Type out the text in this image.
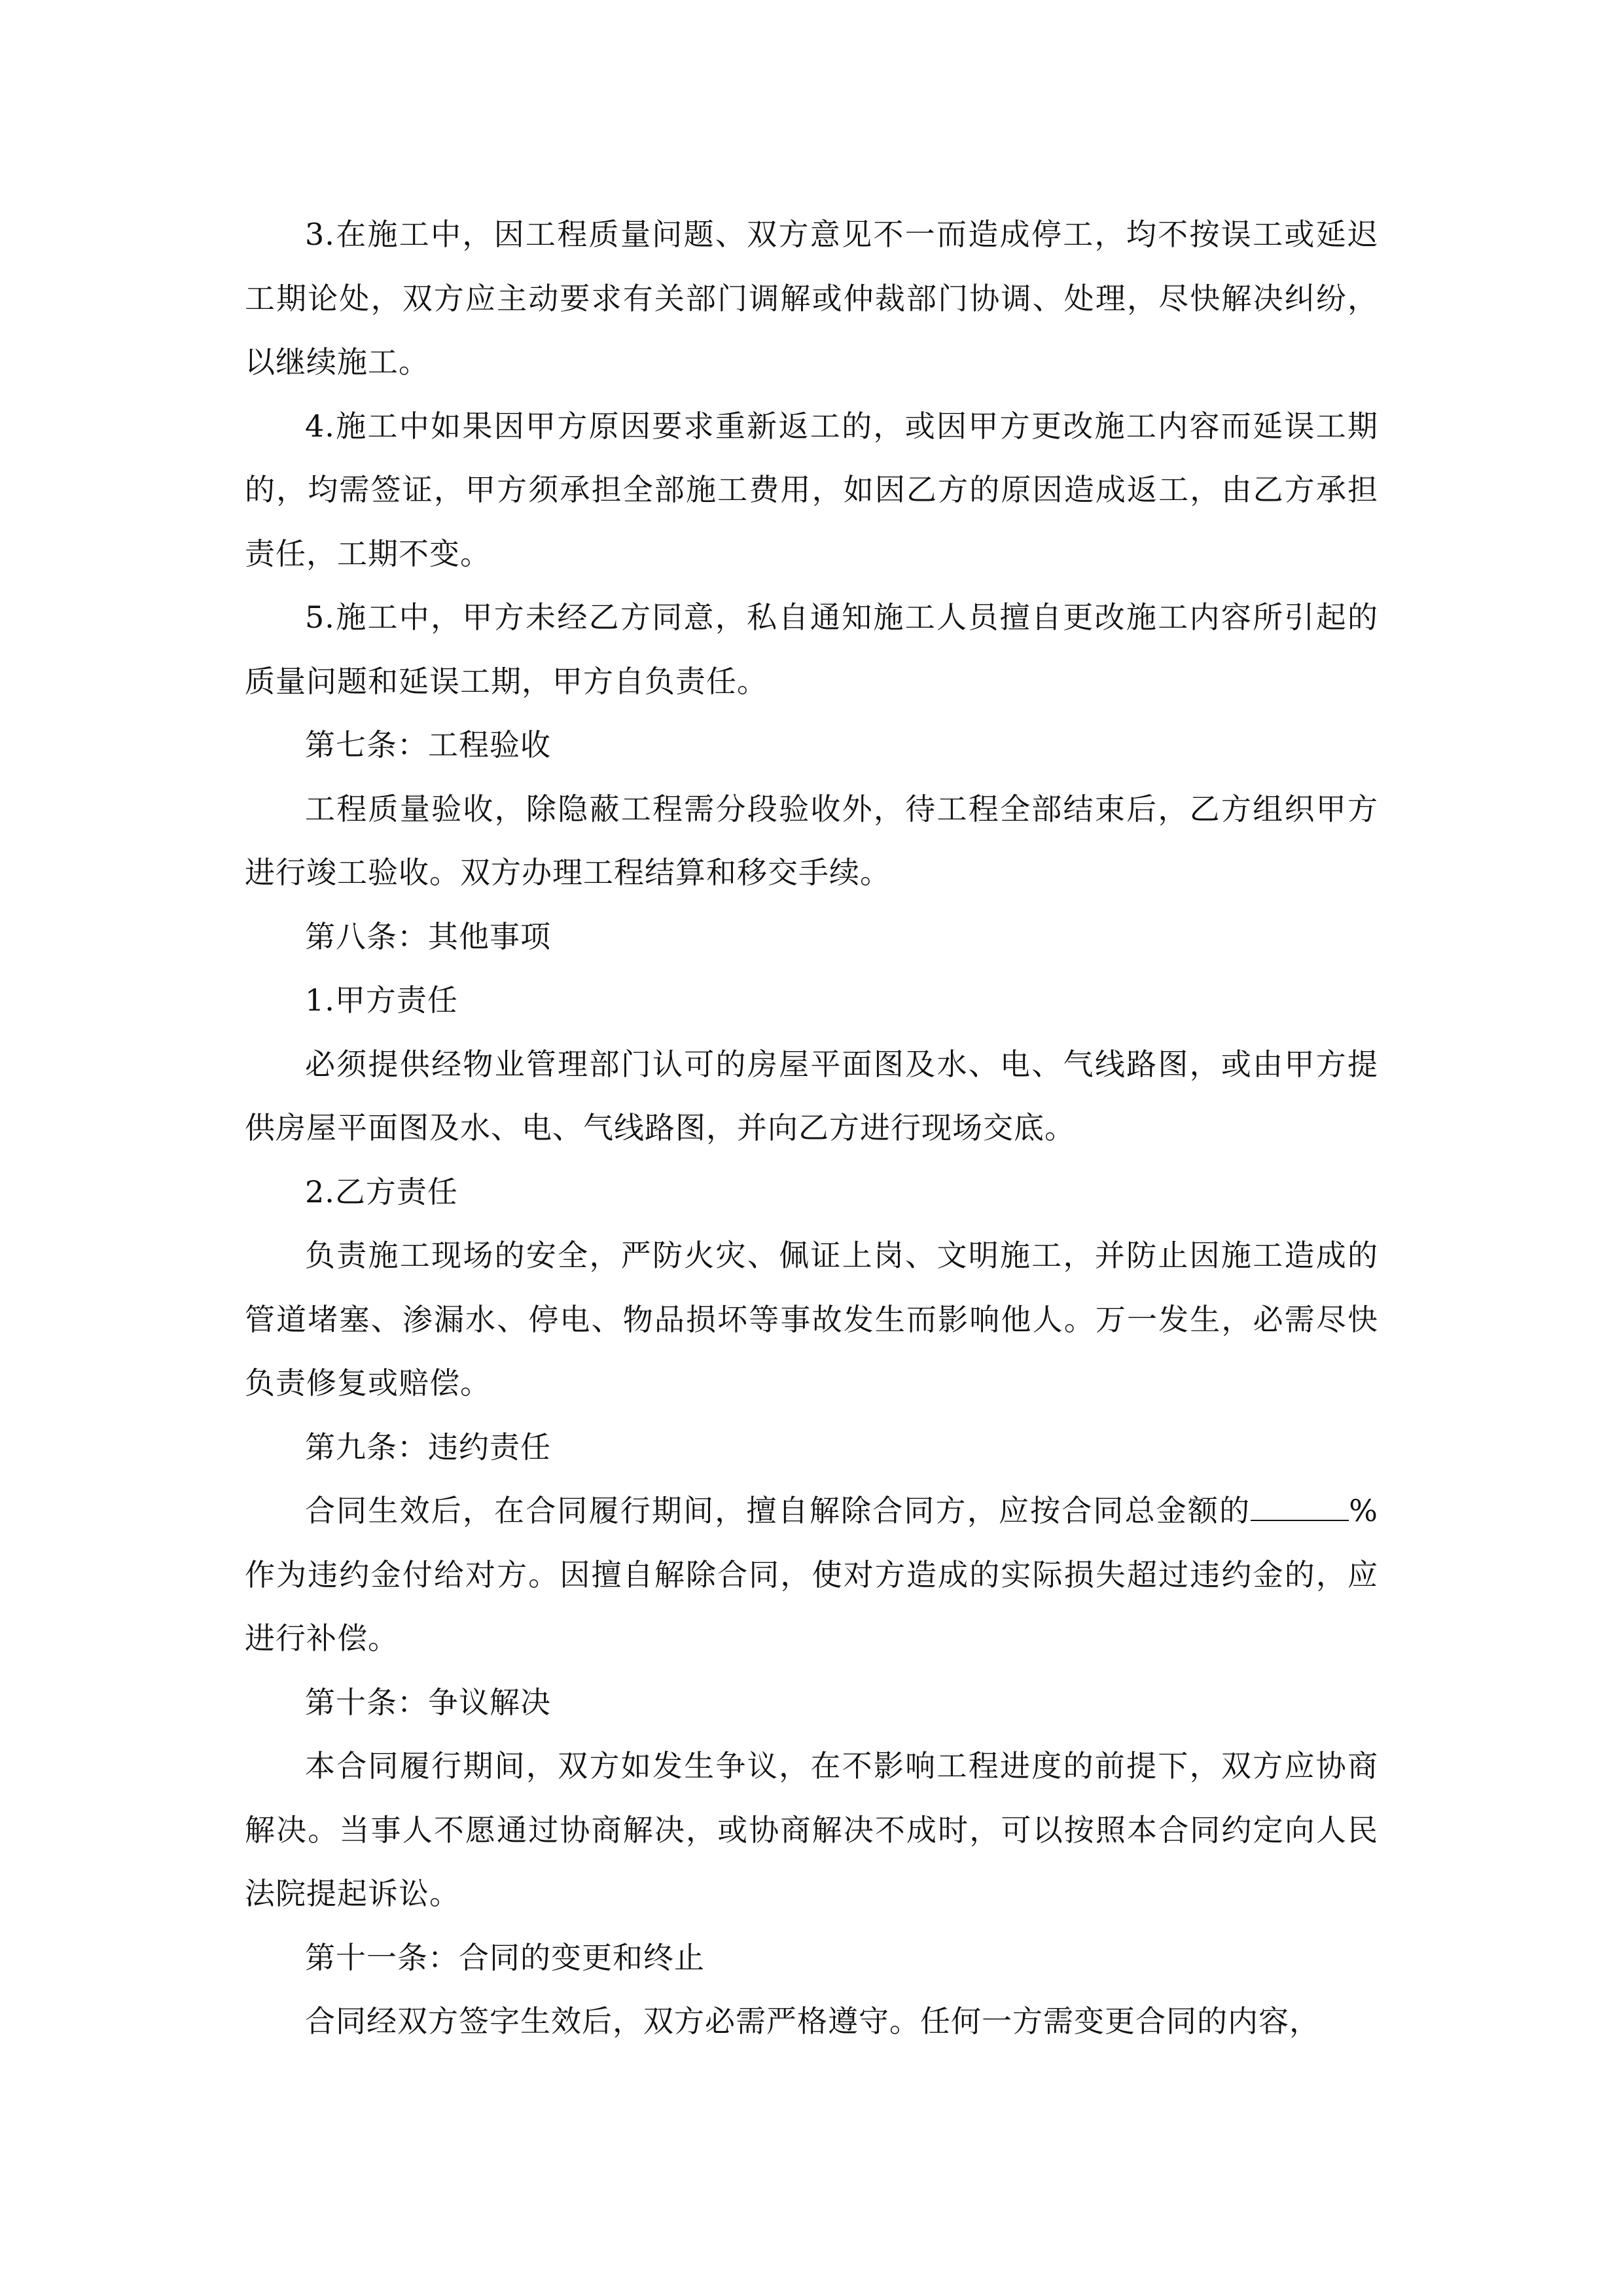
3.在施工中，因工程质量问题、双方意见不一而造成停工，均不按误工或延迟工期论处，双方应主动要求有关部门调解或仲裁部门协调、处理，尽快解决纠纷，以继续施工。

4.施工中如果因甲方原因要求重新返工的，或因甲方更改施工内容而延误工期的，均需签证，甲方须承担全部施工费用，如因乙方的原因造成返工，由乙方承担责任，工期不变。

5.施工中，甲方未经乙方同意，私自通知施工人员擅自更改施工内容所引起的质量问题和延误工期，甲方自负责任。

第七条：工程验收

工程质量验收，除隐蔽工程需分段验收外，待工程全部结束后，乙方组织甲方进行竣工验收。双方办理工程结算和移交手续。

第八条：其他事项

1.甲方责任

必须提供经物业管理部门认可的房屋平面图及水、电、气线路图，或由甲方提供房屋平面图及水、电、气线路图，并向乙方进行现场交底。

2.乙方责任

负责施工现场的安全，严防火灾、佩证上岗、文明施工，并防止因施工造成的管道堵塞、渗漏水、停电、物品损坏等事故发生而影响他人。万一发生，必需尽快负责修复或赔偿。

第九条：违约责任

合同生效后，在合同履行期间，擅自解除合同方，应按合同总金额的	%作为违约金付给对方。因擅自解除合同，使对方造成的实际损失超过违约金的，应进行补偿。

第十条：争议解决

本合同履行期间，双方如发生争议，在不影响工程进度的前提下，双方应协商解决。当事人不愿通过协商解决，或协商解决不成时，可以按照本合同约定向人民法院提起诉讼。

第十一条：合同的变更和终止

合同经双方签字生效后，双方必需严格遵守。任何一方需变更合同的内容，
